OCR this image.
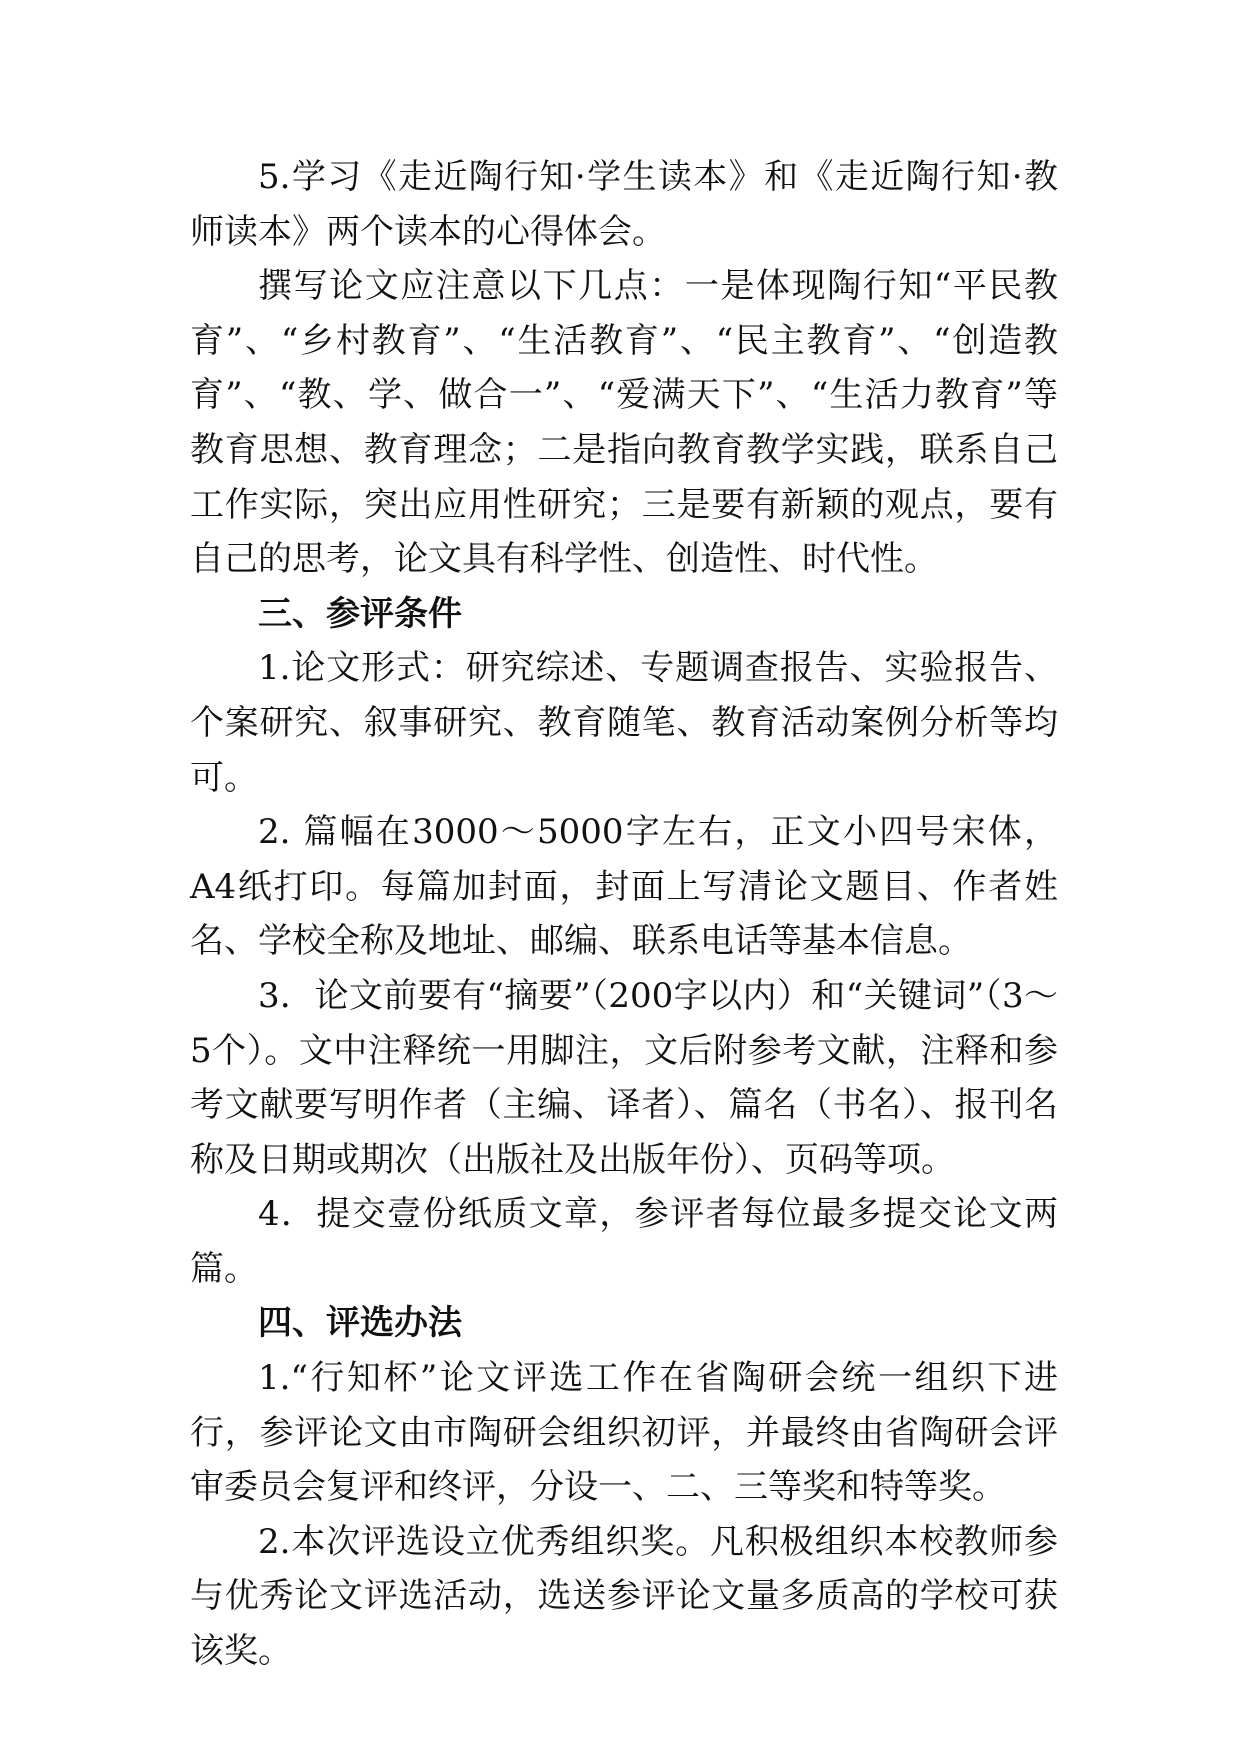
5.学习《走近陶行知·学生读本》和《走近陶行知·教师读本》两个读本的心得体会。

撰写论文应注意以下几点：一是体现陶行知“平民教育”、“乡村教育”、“生活教育”、“民主教育”、“创造教育”、“教、学、做合一”、“爱满天下”、“生活力教育”等教育思想、教育理念；二是指向教育教学实践，联系自己工作实际，突出应用性研究；三是要有新颖的观点，要有自己的思考，论文具有科学性、创造性、时代性。

三、参评条件

1.论文形式：研究综述、专题调查报告、实验报告、个案研究、叙事研究、教育随笔、教育活动案例分析等均可。

2. 篇幅在3000～5000字左右，正文小四号宋体，A4纸打印。每篇加封面，封面上写清论文题目、作者姓名、学校全称及地址、邮编、联系电话等基本信息。

3．论文前要有“摘要”（200字以内）和“关键词”（3～5个）。文中注释统一用脚注，文后附参考文献，注释和参考文献要写明作者（主编、译者）、篇名（书名）、报刊名称及日期或期次（出版社及出版年份）、页码等项。

4．提交壹份纸质文章，参评者每位最多提交论文两篇。

四、评选办法

1.“行知杯”论文评选工作在省陶研会统一组织下进行，参评论文由市陶研会组织初评，并最终由省陶研会评审委员会复评和终评，分设一、二、三等奖和特等奖。

2.本次评选设立优秀组织奖。凡积极组织本校教师参与优秀论文评选活动，选送参评论文量多质高的学校可获该奖。
